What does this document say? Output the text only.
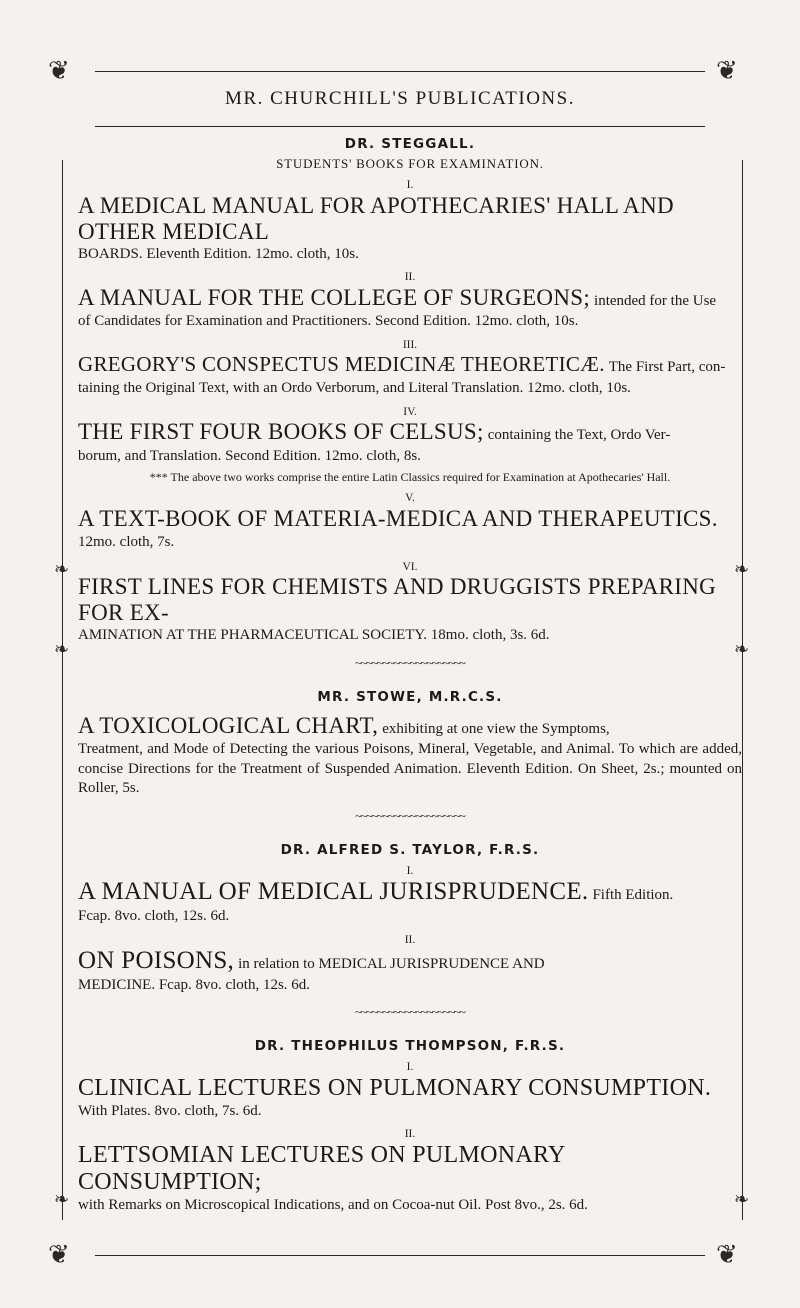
❦	❦
❦	❦
❧	❧
❧	❧
❧	❧
MR. CHURCHILL'S PUBLICATIONS.

DR. STEGGALL.

STUDENTS' BOOKS FOR EXAMINATION.

I.

A MEDICAL MANUAL FOR APOTHECARIES' HALL AND OTHER MEDICAL

BOARDS. Eleventh Edition. 12mo. cloth, 10s.

II.

A MANUAL FOR THE COLLEGE OF SURGEONS; intended for the Use

of Candidates for Examination and Practitioners. Second Edition. 12mo. cloth, 10s.

III.

GREGORY'S CONSPECTUS MEDICINÆ THEORETICÆ. The First Part, con-

taining the Original Text, with an Ordo Verborum, and Literal Translation. 12mo. cloth, 10s.

IV.

THE FIRST FOUR BOOKS OF CELSUS; containing the Text, Ordo Ver-

borum, and Translation. Second Edition. 12mo. cloth, 8s.

*** The above two works comprise the entire Latin Classics required for Examination at Apothecaries' Hall.

V.

A TEXT-BOOK OF MATERIA-MEDICA AND THERAPEUTICS. 12mo. cloth, 7s.

VI.

FIRST LINES FOR CHEMISTS AND DRUGGISTS PREPARING FOR EX-

AMINATION AT THE PHARMACEUTICAL SOCIETY. 18mo. cloth, 3s. 6d.

~~~~~~~~~~~~~~~~~~~~

MR. STOWE, M.R.C.S.

A TOXICOLOGICAL CHART, exhibiting at one view the Symptoms,

Treatment, and Mode of Detecting the various Poisons, Mineral, Vegetable, and Animal. To which are added, concise Directions for the Treatment of Suspended Animation. Eleventh Edition. On Sheet, 2s.; mounted on Roller, 5s.

~~~~~~~~~~~~~~~~~~~~

DR. ALFRED S. TAYLOR, F.R.S.

I.

A MANUAL OF MEDICAL JURISPRUDENCE. Fifth Edition.

Fcap. 8vo. cloth, 12s. 6d.

II.

ON POISONS, in relation to MEDICAL JURISPRUDENCE AND

MEDICINE. Fcap. 8vo. cloth, 12s. 6d.

~~~~~~~~~~~~~~~~~~~~

DR. THEOPHILUS THOMPSON, F.R.S.

I.

CLINICAL LECTURES ON PULMONARY CONSUMPTION.

With Plates. 8vo. cloth, 7s. 6d.

II.

LETTSOMIAN LECTURES ON PULMONARY CONSUMPTION;

with Remarks on Microscopical Indications, and on Cocoa-nut Oil. Post 8vo., 2s. 6d.
